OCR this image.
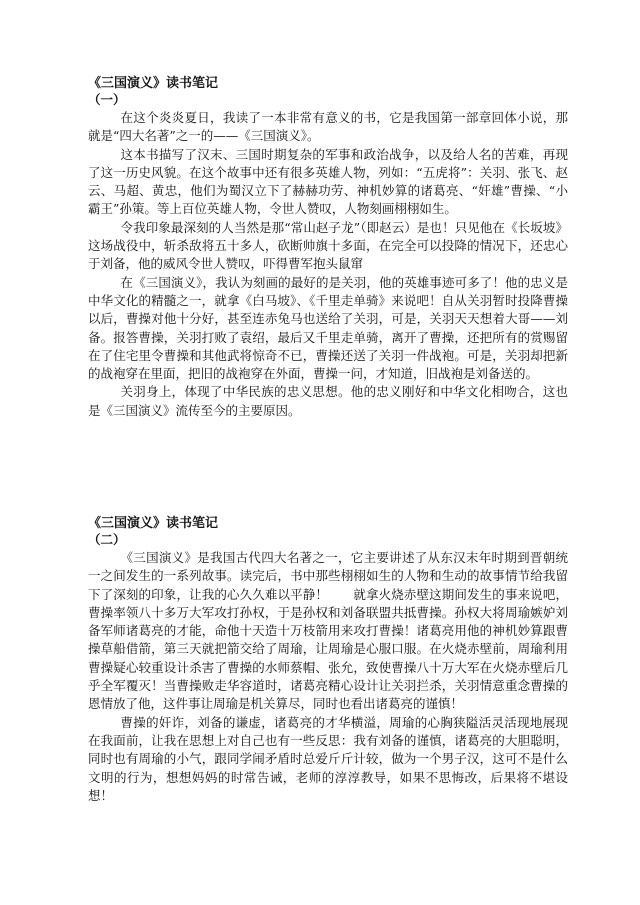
《三国演义》读书笔记
（一）

在这个炎炎夏日，我读了一本非常有意义的书，它是我国第一部章回体小说，那就是“四大名著”之一的——《三国演义》。

这本书描写了汉末、三国时期复杂的军事和政治战争，以及给人名的苦难，再现了这一历史风貌。在这个故事中还有很多英雄人物，列如：“五虎将”：关羽、张飞、赵云、马超、黄忠，他们为蜀汉立下了赫赫功劳、神机妙算的诸葛亮、“奸雄”曹操、“小霸王”孙策。等上百位英雄人物，令世人赞叹，人物刻画栩栩如生。

令我印象最深刻的人当然是那“常山赵子龙”（即赵云）是也！只见他在《长坂坡》这场战役中，斩杀敌将五十多人，砍断帅旗十多面，在完全可以投降的情况下，还忠心于刘备，他的威风令世人赞叹，吓得曹军抱头鼠窜

在《三国演义》，我认为刻画的最好的是关羽，他的英雄事迹可多了！他的忠义是中华文化的精髓之一，就拿《白马坡》、《千里走单骑》来说吧！自从关羽暂时投降曹操以后，曹操对他十分好，甚至连赤兔马也送给了关羽，可是，关羽天天想着大哥——刘备。报答曹操，关羽打败了袁绍，最后又千里走单骑，离开了曹操，还把所有的赏赐留在了住宅里令曹操和其他武将惊奇不已，曹操还送了关羽一件战袍。可是，关羽却把新的战袍穿在里面，把旧的战袍穿在外面，曹操一问，才知道，旧战袍是刘备送的。

关羽身上，体现了中华民族的忠义思想。他的忠义刚好和中华文化相吻合，这也是《三国演义》流传至今的主要原因。

《三国演义》读书笔记
（二）

《三国演义》是我国古代四大名著之一，它主要讲述了从东汉末年时期到晋朝统一之间发生的一系列故事。读完后，书中那些栩栩如生的人物和生动的故事情节给我留下了深刻的印象，让我的心久久难以平静！　　就拿火烧赤壁这期间发生的事来说吧，曹操率领八十多万大军攻打孙权，于是孙权和刘备联盟共抵曹操。孙权大将周瑜嫉妒刘备军师诸葛亮的才能，命他十天造十万枝箭用来攻打曹操！诸葛亮用他的神机妙算跟曹操草船借箭，第三天就把箭交给了周瑜，让周瑜是心服口服。在火烧赤壁前，周瑜利用曹操疑心较重设计杀害了曹操的水师蔡帽、张允，致使曹操八十万大军在火烧赤壁后几乎全军覆灭！当曹操败走华容道时，诸葛亮精心设计让关羽拦杀，关羽情意重念曹操的恩情放了他，这件事让周瑜是机关算尽，同时也看出诸葛亮的谨慎！

曹操的奸诈，刘备的谦虚，诸葛亮的才华横溢，周瑜的心胸狭隘活灵活现地展现在我面前，让我在思想上对自己也有一些反思：我有刘备的谨慎，诸葛亮的大胆聪明，同时也有周瑜的小气，跟同学闹矛盾时总爱斤斤计较，做为一个男子汉，这可不是什么文明的行为，想想妈妈的时常告诫，老师的淳淳教导，如果不思悔改，后果将不堪设想！
